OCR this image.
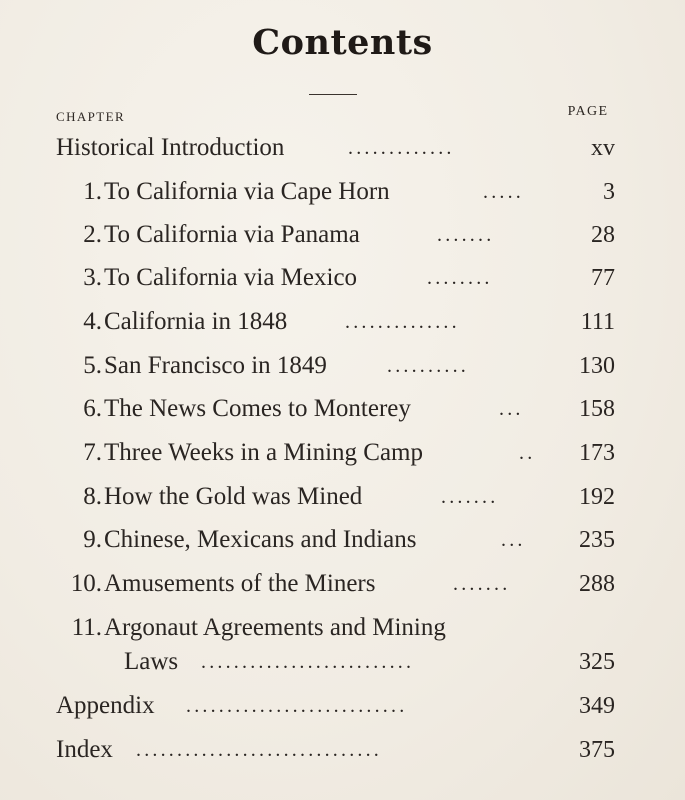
Contents
CHAPTER	PAGE
Historical Introduction	.............	xv
1.To California via Cape Horn	.....	3
2.To California via Panama	.......	28
3.To California via Mexico	........	77
4.California in 1848	..............	111
5.San Francisco in 1849	..........	130
6.The News Comes to Monterey	...	158
7.Three Weeks in a Mining Camp	..	173
8.How the Gold was Mined	.......	192
9.Chinese, Mexicans and Indians	...	235
10.Amusements of the Miners	.......	288
11.Argonaut Agreements and Mining
Laws ..........................	325
Appendix ...........................	349
Index ..............................	375
